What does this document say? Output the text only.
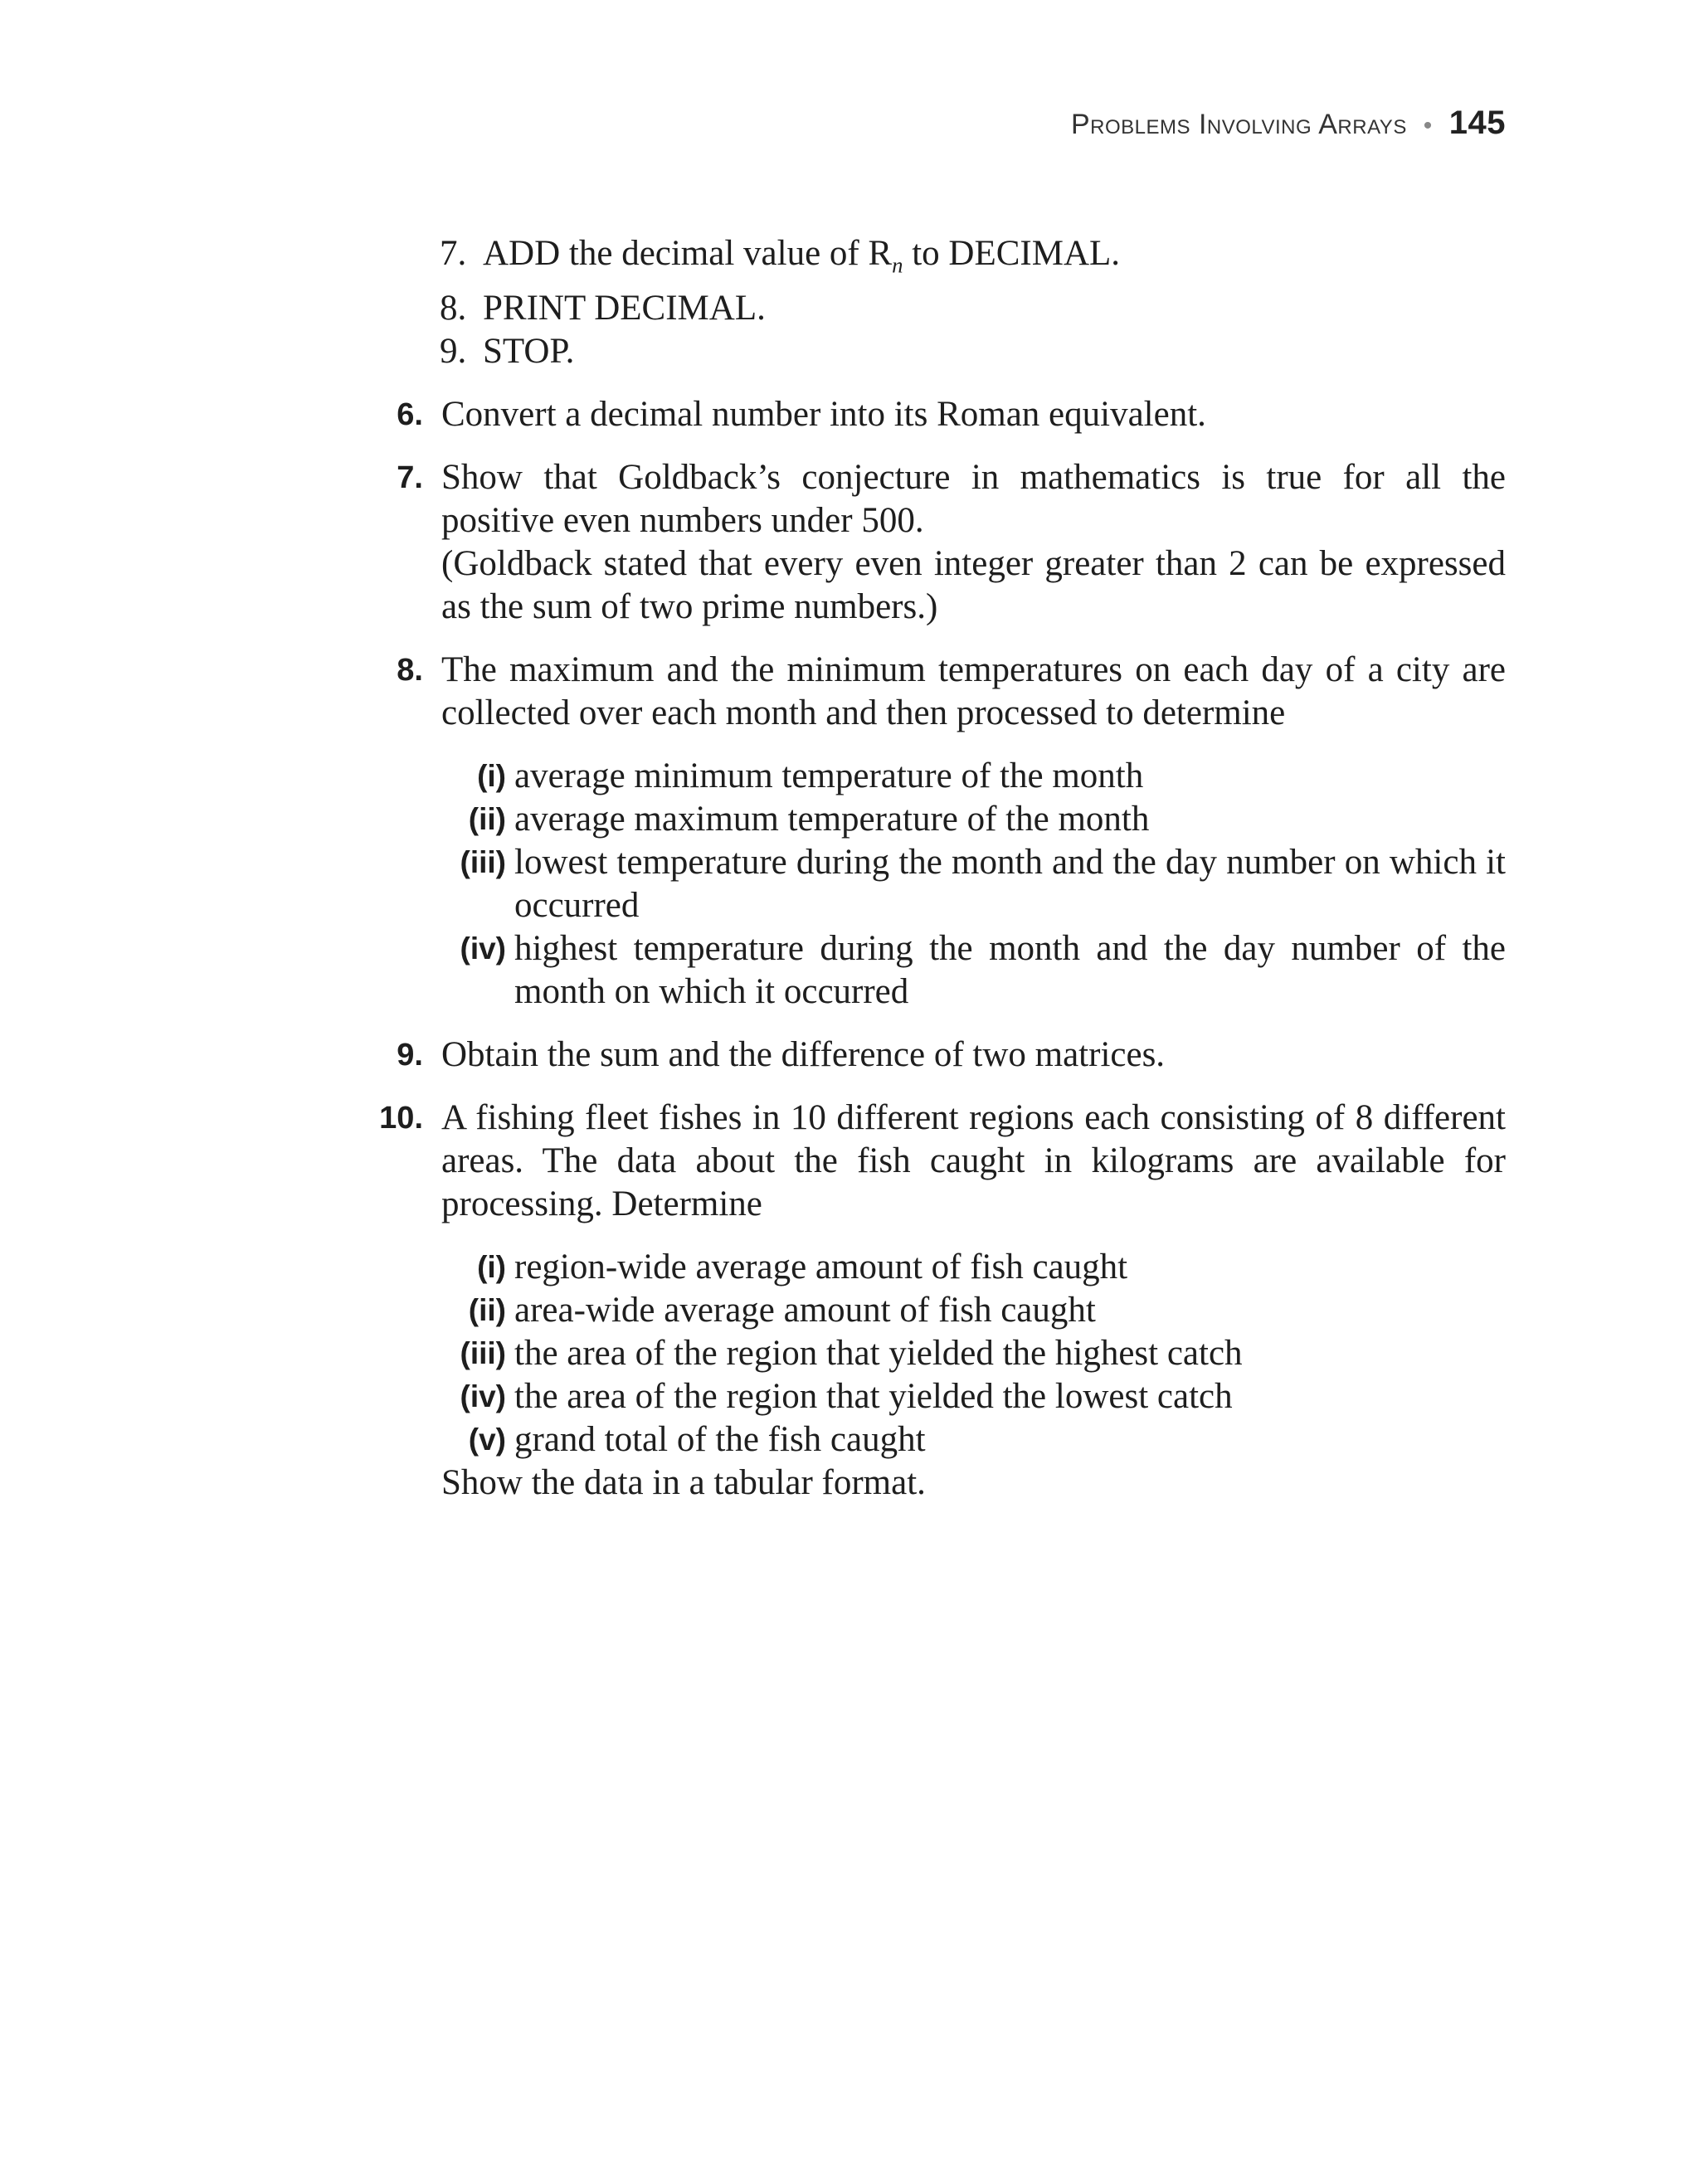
Problems Involving Arrays • 145
7. ADD the decimal value of $R_n$ to DECIMAL.
8. PRINT DECIMAL.
9. STOP.
6. Convert a decimal number into its Roman equivalent.

7. Show that Goldback’s conjecture in mathematics is true for all the positive even numbers under 500.

(Goldback stated that every even integer greater than 2 can be expressed as the sum of two prime numbers.)

8. The maximum and the minimum temperatures on each day of a city are collected over each month and then processed to determine

(i) average minimum temperature of the month
(ii) average maximum temperature of the month
(iii) lowest temperature during the month and the day number on which it occurred
(iv) highest temperature during the month and the day number of the month on which it occurred
9. Obtain the sum and the difference of two matrices.

10. A fishing fleet fishes in 10 different regions each consisting of 8 different areas. The data about the fish caught in kilograms are available for processing. Determine

(i) region-wide average amount of fish caught
(ii) area-wide average amount of fish caught
(iii) the area of the region that yielded the highest catch
(iv) the area of the region that yielded the lowest catch
(v) grand total of the fish caught

Show the data in a tabular format.
